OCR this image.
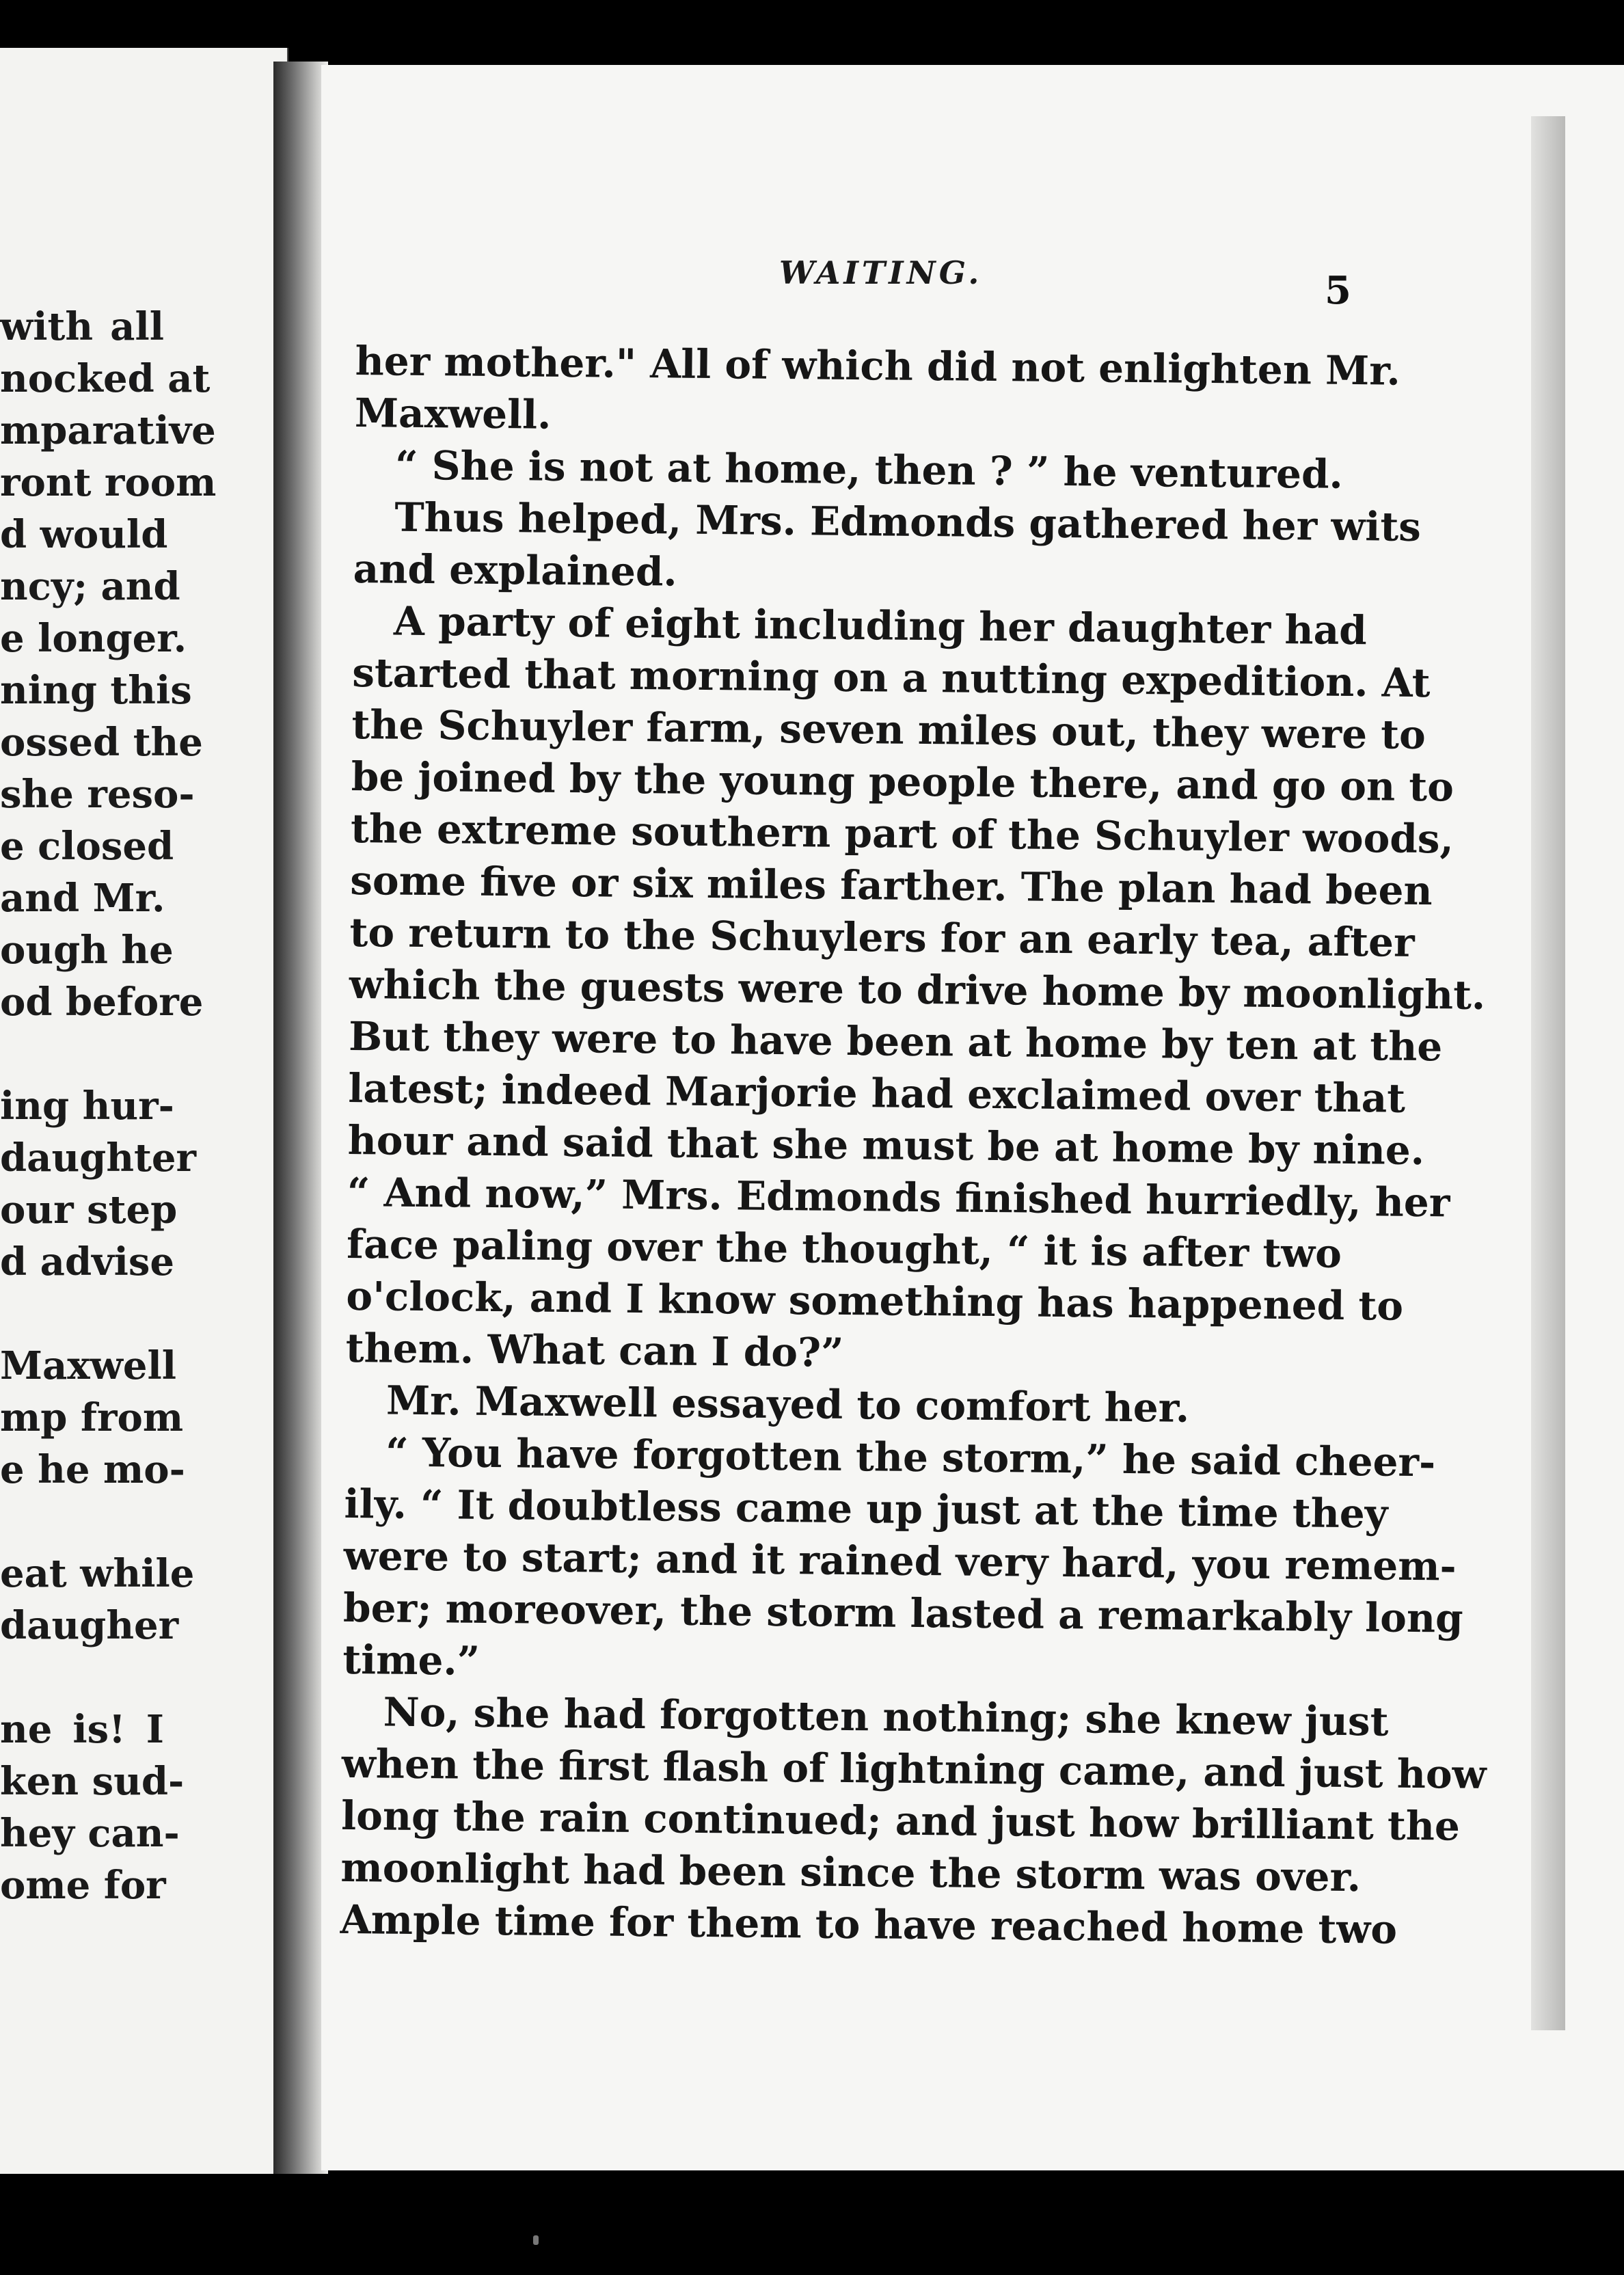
with all
nocked at
mparative
ront room
d would
ncy; and
e longer.
ning this
ossed the
she reso-
e closed
and Mr.
ough he
od before
ing hur-
daughter
our step
d advise
Maxwell
mp from
e he mo-
eat while
daugher
ne is! I
ken sud-
hey can-
ome for
WAITING.	5
her mother." All of which did not enlighten Mr.
Maxwell.
“ She is not at home, then ? ” he ventured.
Thus helped, Mrs. Edmonds gathered her wits
and explained.
A party of eight including her daughter had
started that morning on a nutting expedition. At
the Schuyler farm, seven miles out, they were to
be joined by the young people there, and go on to
the extreme southern part of the Schuyler woods,
some five or six miles farther. The plan had been
to return to the Schuylers for an early tea, after
which the guests were to drive home by moonlight.
But they were to have been at home by ten at the
latest; indeed Marjorie had exclaimed over that
hour and said that she must be at home by nine.
“ And now,” Mrs. Edmonds finished hurriedly, her
face paling over the thought, “ it is after two
o'clock, and I know something has happened to
them. What can I do?”
Mr. Maxwell essayed to comfort her.
“ You have forgotten the storm,” he said cheer-
ily. “ It doubtless came up just at the time they
were to start; and it rained very hard, you remem-
ber; moreover, the storm lasted a remarkably long
time.”
No, she had forgotten nothing; she knew just
when the first flash of lightning came, and just how
long the rain continued; and just how brilliant the
moonlight had been since the storm was over.
Ample time for them to have reached home two
